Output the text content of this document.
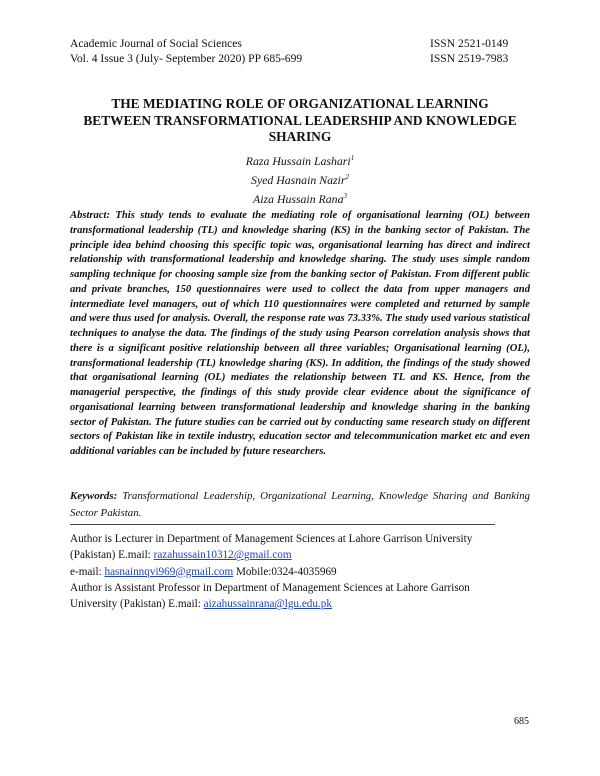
Academic Journal of Social Sciences
Vol. 4 Issue 3 (July- September 2020) PP 685-699
ISSN 2521-0149
ISSN 2519-7983
THE MEDIATING ROLE OF ORGANIZATIONAL LEARNING
BETWEEN TRANSFORMATIONAL LEADERSHIP AND KNOWLEDGE
SHARING
Raza Hussain Lashari$^1$
Syed Hasnain Nazir$^2$
Aiza Hussain Rana$^3$
Abstract: This study tends to evaluate the mediating role of organisational learning (OL) between transformational leadership (TL) and knowledge sharing (KS) in the banking sector of Pakistan. The principle idea behind choosing this specific topic was, organisational learning has direct and indirect relationship with transformational leadership and knowledge sharing. The study uses simple random sampling technique for choosing sample size from the banking sector of Pakistan. From different public and private branches, 150 questionnaires were used to collect the data from upper managers and intermediate level managers, out of which 110 questionnaires were completed and returned by sample and were thus used for analysis. Overall, the response rate was 73.33%. The study used various statistical techniques to analyse the data. The findings of the study using Pearson correlation analysis shows that there is a significant positive relationship between all three variables; Organisational learning (OL), transformational leadership (TL) knowledge sharing (KS). In addition, the findings of the study showed that organisational learning (OL) mediates the relationship between TL and KS. Hence, from the managerial perspective, the findings of this study provide clear evidence about the significance of organisational learning between transformational leadership and knowledge sharing in the banking sector of Pakistan. The future studies can be carried out by conducting same research study on different sectors of Pakistan like in textile industry, education sector and telecommunication market etc and even additional variables can be included by future researchers.
Keywords: Transformational Leadership, Organizational Learning, Knowledge Sharing and Banking Sector Pakistan.
Author is Lecturer in Department of Management Sciences at Lahore Garrison University
(Pakistan) E.mail: razahussain10312@gmail.com
e-mail: hasnainnqvi969@gmail.com Mobile:0324-4035969
Author is Assistant Professor in Department of Management Sciences at Lahore Garrison
University (Pakistan) E.mail: aizahussainrana@lgu.edu.pk
685
